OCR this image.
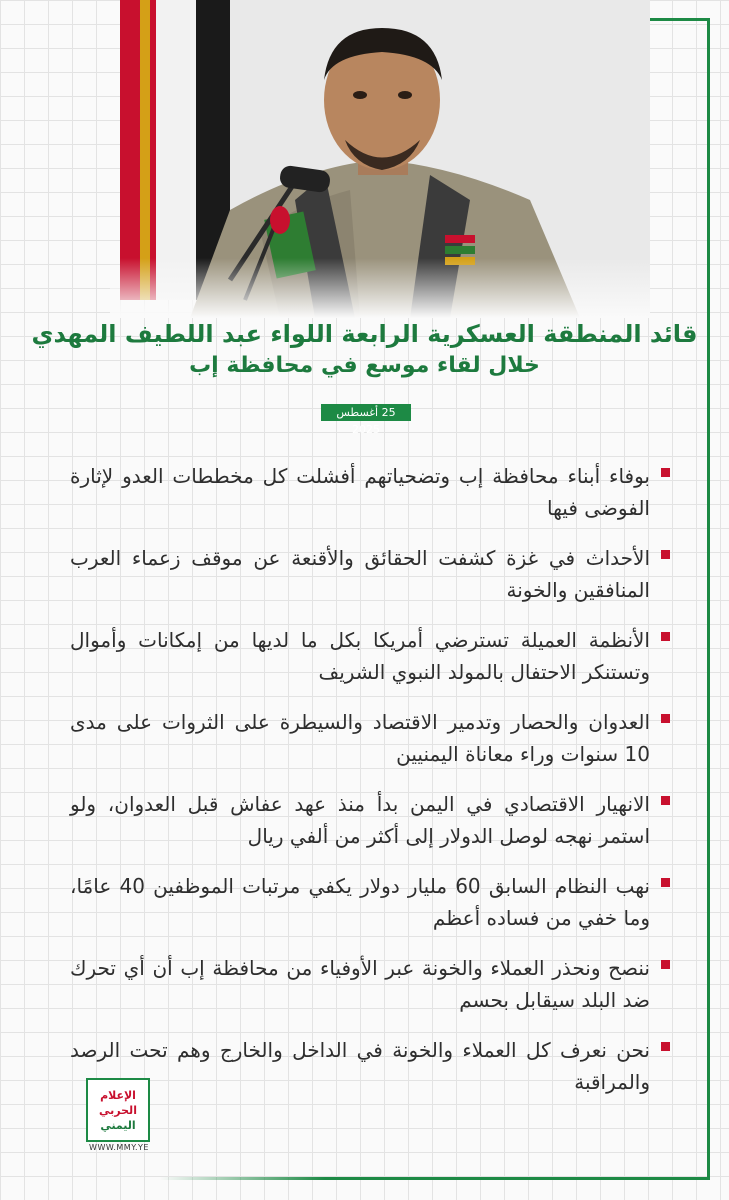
قائد المنطقة العسكرية الرابعة اللواء عبد اللطيف المهدي
خلال لقاء موسع في محافظة إب
25 أغسطس 2025
بوفاء أبناء محافظة إب وتضحياتهم أفشلت كل مخططات العدو لإثارة الفوضى فيها
الأحداث في غزة كشفت الحقائق والأقنعة عن موقف زعماء العرب المنافقين والخونة
الأنظمة العميلة تسترضي أمريكا بكل ما لديها من إمكانات وأموال وتستنكر الاحتفال بالمولد النبوي الشريف
العدوان والحصار وتدمير الاقتصاد والسيطرة على الثروات على مدى 10 سنوات وراء معاناة اليمنيين
الانهيار الاقتصادي في اليمن بدأ منذ عهد عفاش قبل العدوان، ولو استمر نهجه لوصل الدولار إلى أكثر من ألفي ريال
نهب النظام السابق 60 مليار دولار يكفي مرتبات الموظفين 40 عامًا، وما خفي من فساده أعظم
ننصح ونحذر العملاء والخونة عبر الأوفياء من محافظة إب أن أي تحرك ضد البلد سيقابل بحسم
نحن نعرف كل العملاء والخونة في الداخل والخارج وهم تحت الرصد والمراقبة
الإعلام
الحربي
اليمني
WWW.MMY.YE
